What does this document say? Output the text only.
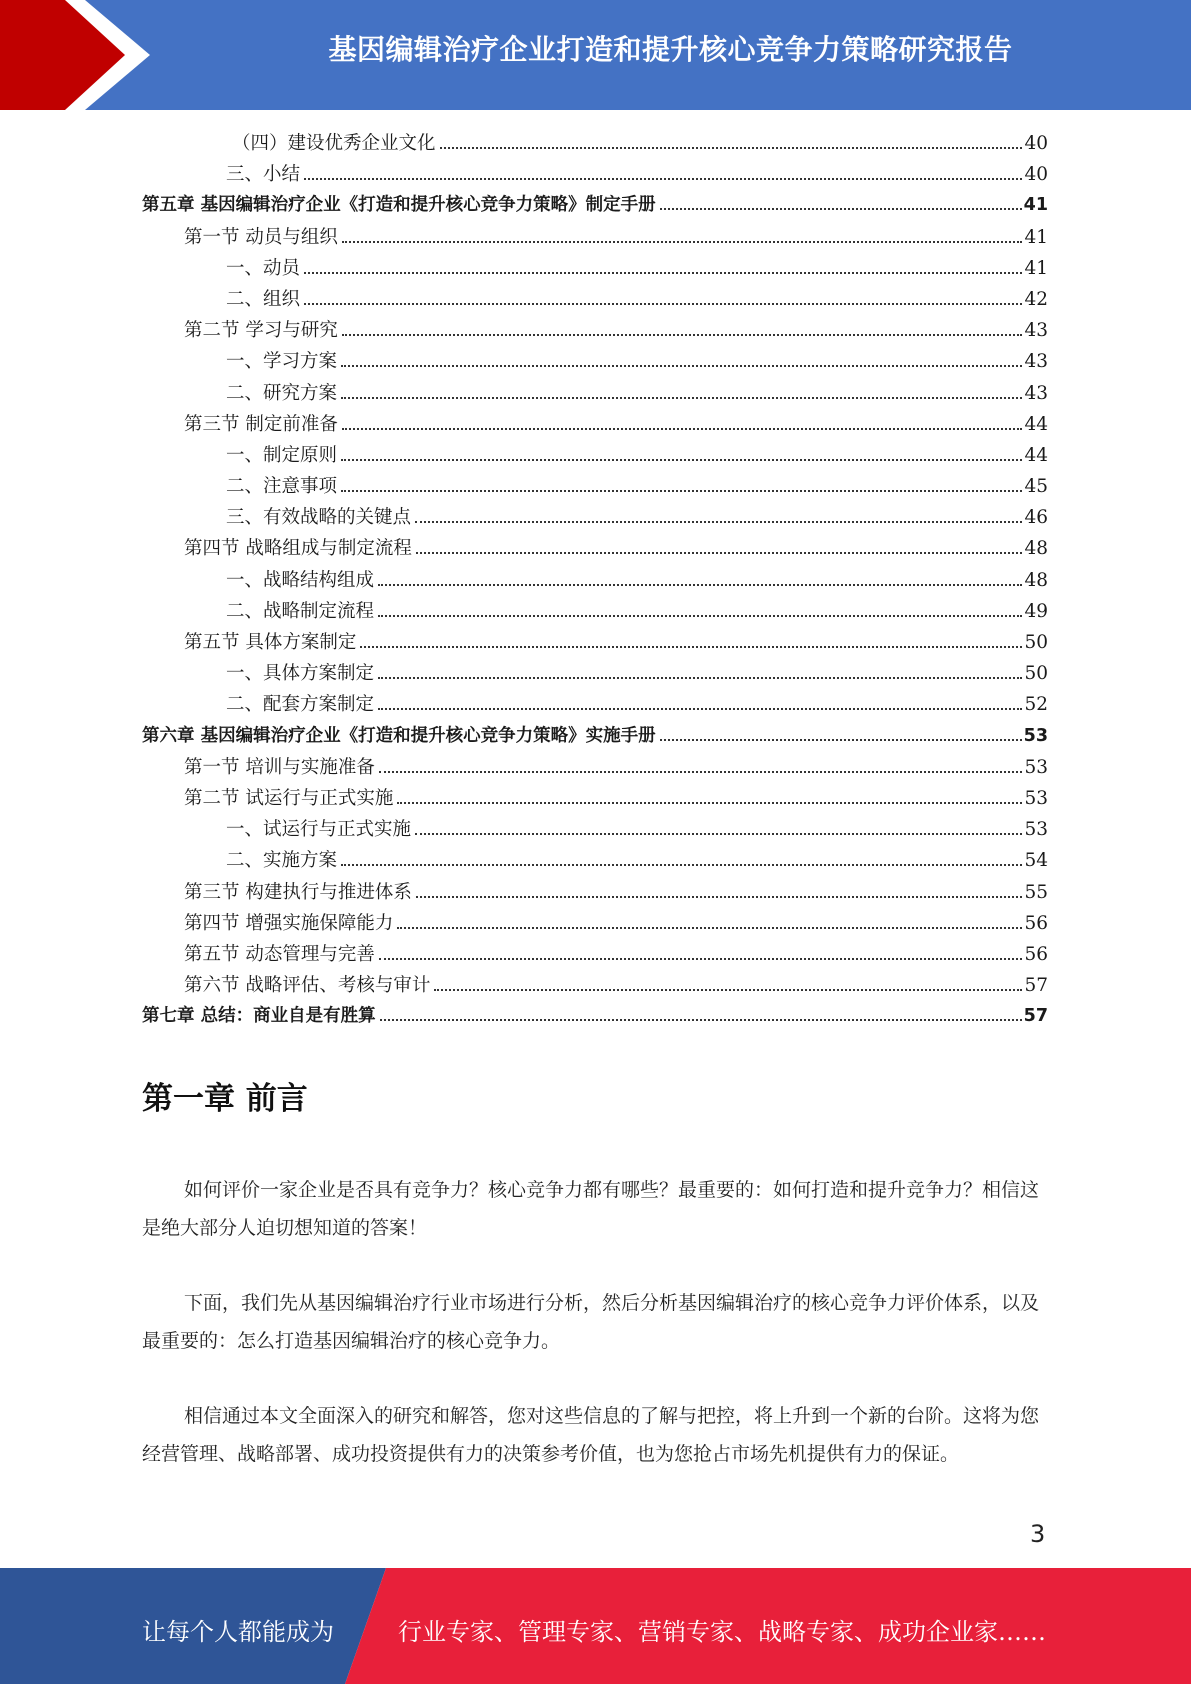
基因编辑治疗企业打造和提升核心竞争力策略研究报告
（四）建设优秀企业文化	40
三、小结	40
第五章 基因编辑治疗企业《打造和提升核心竞争力策略》制定手册	41
第一节 动员与组织	41
一、动员	41
二、组织	42
第二节 学习与研究	43
一、学习方案	43
二、研究方案	43
第三节 制定前准备	44
一、制定原则	44
二、注意事项	45
三、有效战略的关键点	46
第四节 战略组成与制定流程	48
一、战略结构组成	48
二、战略制定流程	49
第五节 具体方案制定	50
一、具体方案制定	50
二、配套方案制定	52
第六章 基因编辑治疗企业《打造和提升核心竞争力策略》实施手册	53
第一节 培训与实施准备	53
第二节 试运行与正式实施	53
一、试运行与正式实施	53
二、实施方案	54
第三节 构建执行与推进体系	55
第四节 增强实施保障能力	56
第五节 动态管理与完善	56
第六节 战略评估、考核与审计	57
第七章 总结：商业自是有胜算	57
第一章 前言

如何评价一家企业是否具有竞争力？核心竞争力都有哪些？最重要的：如何打造和提升竞争力？相信这是绝大部分人迫切想知道的答案！

下面，我们先从基因编辑治疗行业市场进行分析，然后分析基因编辑治疗的核心竞争力评价体系，以及最重要的：怎么打造基因编辑治疗的核心竞争力。

相信通过本文全面深入的研究和解答，您对这些信息的了解与把控，将上升到一个新的台阶。这将为您经营管理、战略部署、成功投资提供有力的决策参考价值，也为您抢占市场先机提供有力的保证。

3
让每个人都能成为	行业专家、管理专家、营销专家、战略专家、成功企业家……
